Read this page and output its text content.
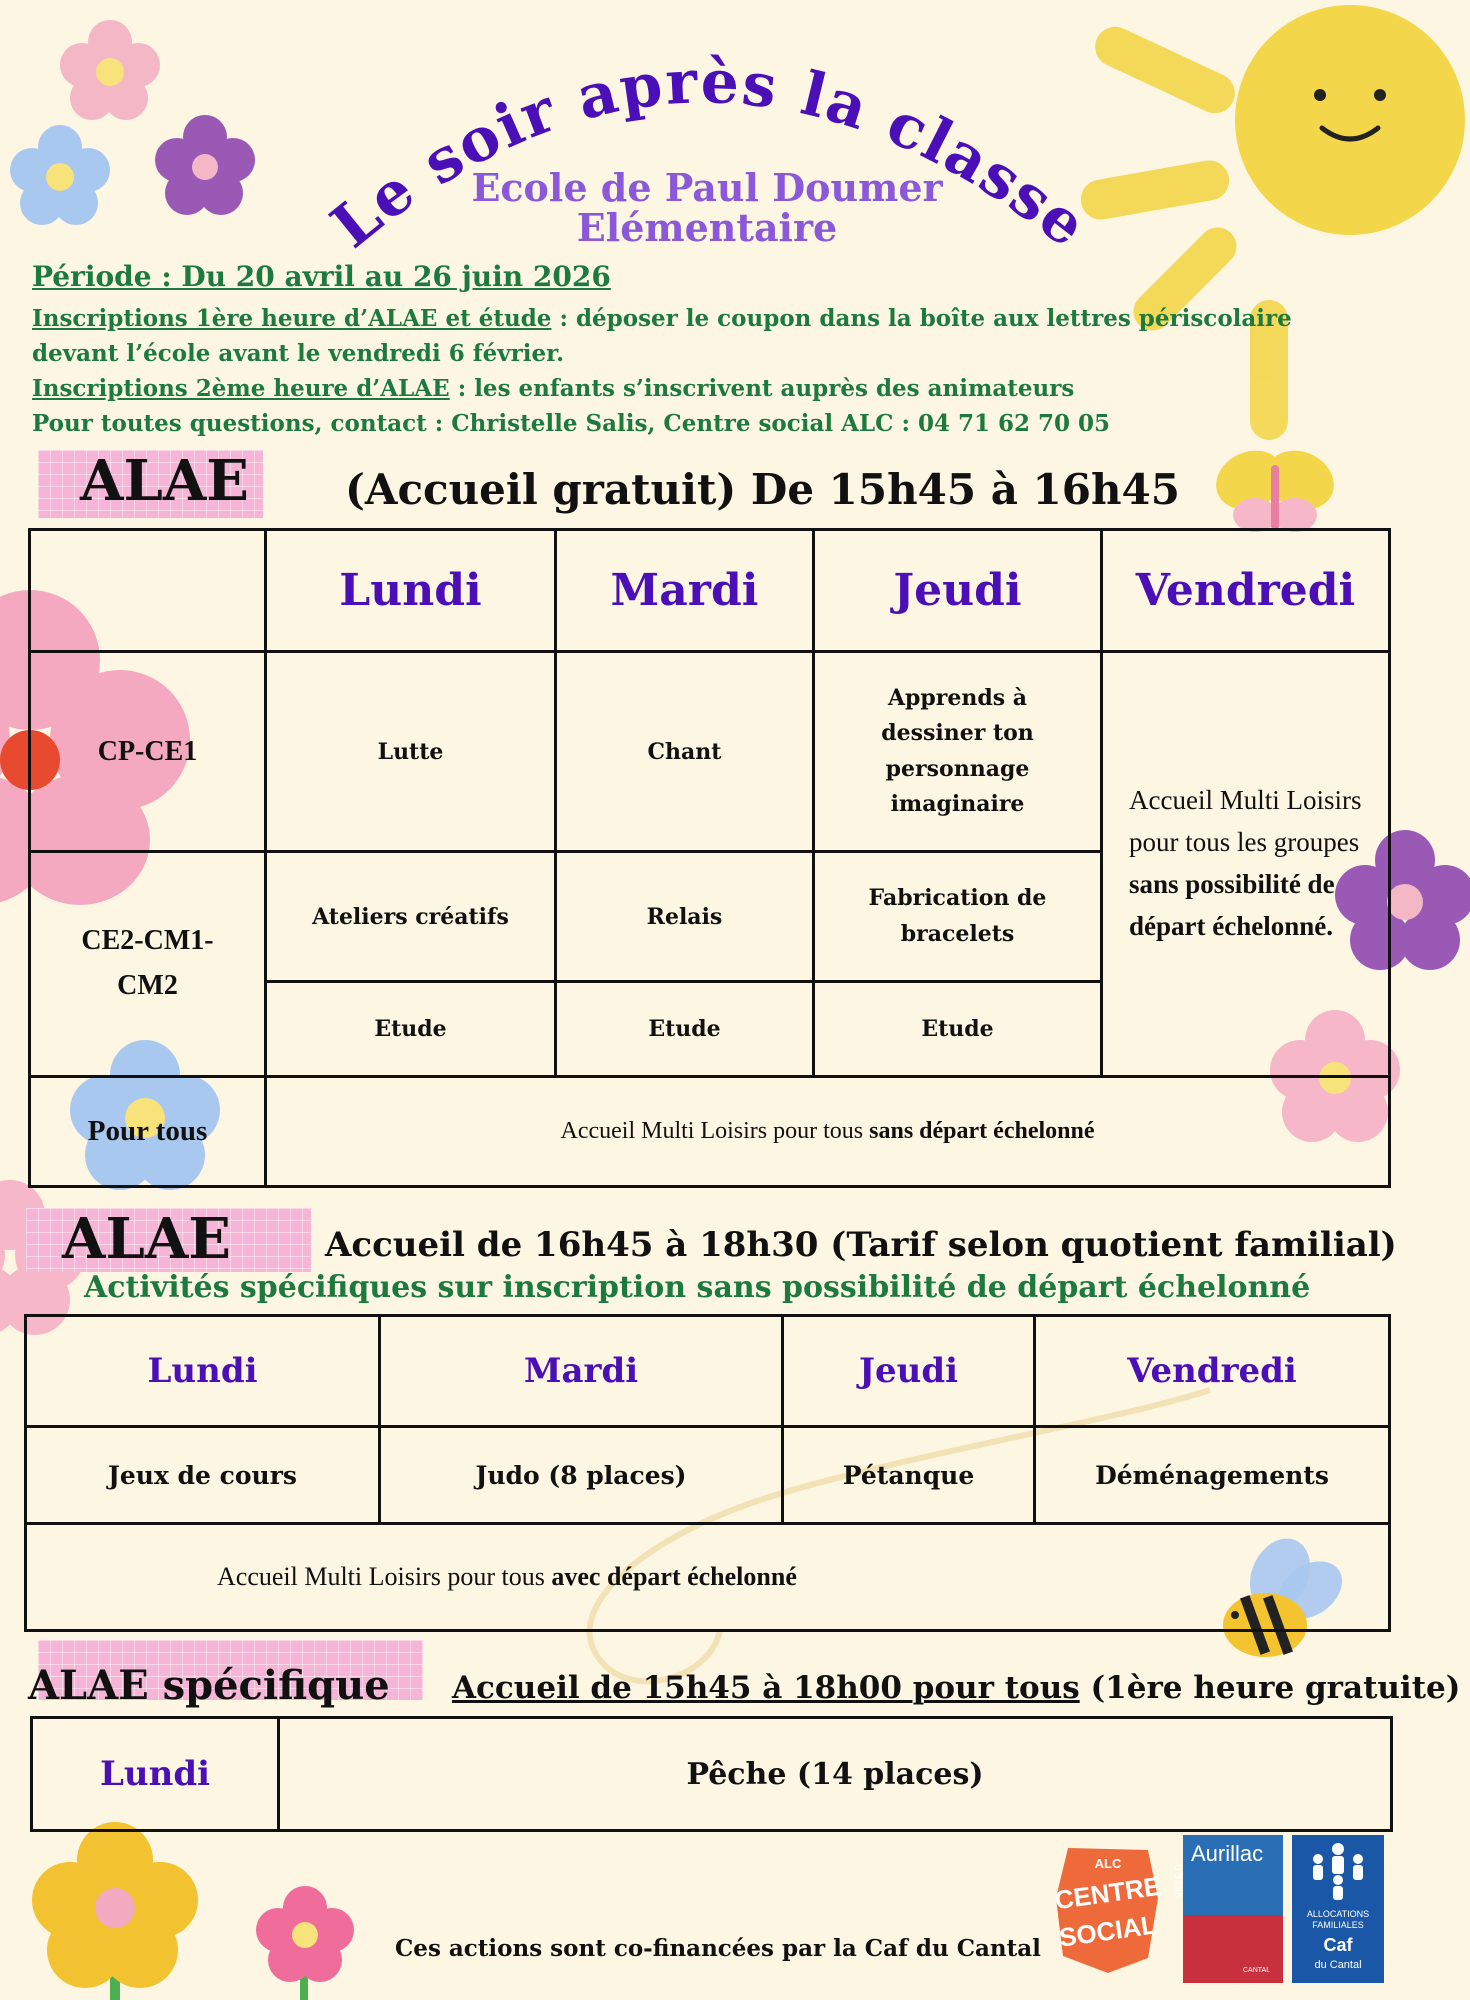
Le soir après la classe
Ecole de Paul Doumer
Elémentaire
Période : Du 20 avril au 26 juin 2026
Inscriptions 1ère heure d’ALAE et étude : déposer le coupon dans la boîte aux lettres périscolaire
devant l’école avant le vendredi 6 février.
Inscriptions 2ème heure d’ALAE : les enfants s’inscrivent auprès des animateurs
Pour toutes questions, contact : Christelle Salis, Centre social ALC : 04 71 62 70 05
ALAE (Accueil gratuit) De 15h45 à 16h45
	Lundi	Mardi	Jeudi	Vendredi
CP-CE1	Lutte	Chant	Apprends à dessiner ton personnage imaginaire	Accueil Multi Loisirs pour tous les groupes sans possibilité de départ échelonné.
CE2-CM1-CM2	Ateliers créatifs	Relais	Fabrication de bracelets	
	Etude	Etude	Etude	
Pour tous	Accueil Multi Loisirs pour tous sans départ échelonné			
ALAE	Accueil de 16h45 à 18h30 (Tarif selon quotient familial)
Activités spécifiques sur inscription sans possibilité de départ échelonné
Lundi	Mardi	Jeudi	Vendredi
Jeux de cours	Judo (8 places)	Pétanque	Déménagements
Accueil Multi Loisirs pour tous avec départ échelonné			
ALAE spécifique Accueil de 15h45 à 18h00 pour tous (1ère heure gratuite)
Lundi	Pêche (14 places)
Ces actions sont co-financées par la Caf du Cantal
ALC
CENTRE
SOCIAL
VILLE D'
Aurillac
CANTAL
ALLOCATIONS
FAMILIALES
Caf
du Cantal
